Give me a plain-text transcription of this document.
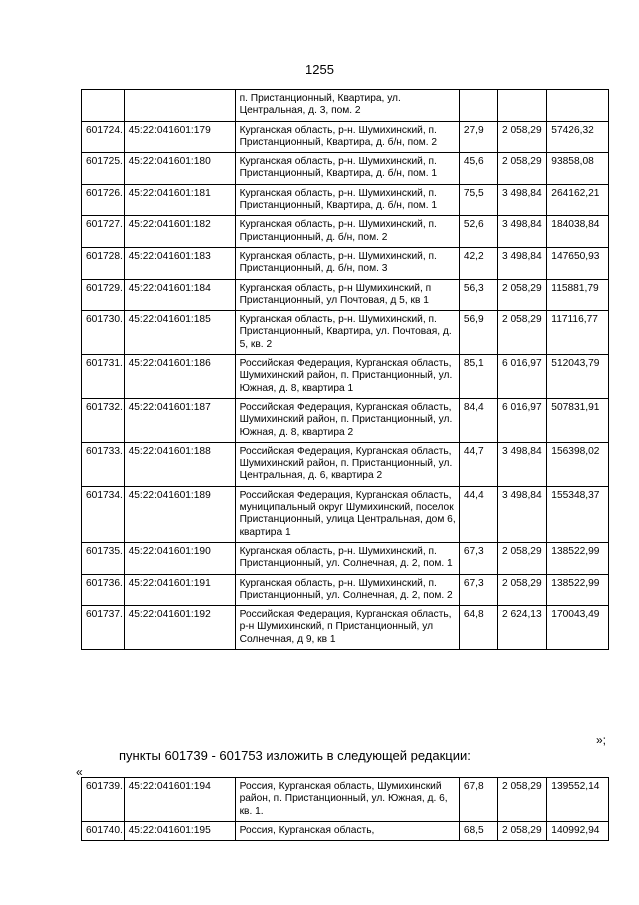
1255
		п. Пристанционный, Квартира, ул. Центральная, д. 3, пом. 2			
601724.	45:22:041601:179	Курганская область, р-н. Шумихинский, п. Пристанционный, Квартира, д. б/н, пом. 2	27,9	2 058,29	57426,32
601725.	45:22:041601:180	Курганская область, р-н. Шумихинский, п. Пристанционный, Квартира, д. б/н, пом. 1	45,6	2 058,29	93858,08
601726.	45:22:041601:181	Курганская область, р-н. Шумихинский, п. Пристанционный, Квартира, д. б/н, пом. 1	75,5	3 498,84	264162,21
601727.	45:22:041601:182	Курганская область, р-н. Шумихинский, п. Пристанционный, д. б/н, пом. 2	52,6	3 498,84	184038,84
601728.	45:22:041601:183	Курганская область, р-н. Шумихинский, п. Пристанционный, д. б/н, пом. 3	42,2	3 498,84	147650,93
601729.	45:22:041601:184	Курганская область, р-н Шумихинский, п Пристанционный, ул Почтовая, д 5, кв 1	56,3	2 058,29	115881,79
601730.	45:22:041601:185	Курганская область, р-н. Шумихинский, п. Пристанционный, Квартира, ул. Почтовая, д. 5, кв. 2	56,9	2 058,29	117116,77
601731.	45:22:041601:186	Российская Федерация, Курганская область, Шумихинский район, п. Пристанционный, ул. Южная, д. 8, квартира 1	85,1	6 016,97	512043,79
601732.	45:22:041601:187	Российская Федерация, Курганская область, Шумихинский район, п. Пристанционный, ул. Южная, д. 8, квартира 2	84,4	6 016,97	507831,91
601733.	45:22:041601:188	Российская Федерация, Курганская область, Шумихинский район, п. Пристанционный, ул. Центральная, д. 6, квартира 2	44,7	3 498,84	156398,02
601734.	45:22:041601:189	Российская Федерация, Курганская область, муниципальный округ Шумихинский, поселок Пристанционный, улица Центральная, дом 6, квартира 1	44,4	3 498,84	155348,37
601735.	45:22:041601:190	Курганская область, р-н. Шумихинский, п. Пристанционный, ул. Солнечная, д. 2, пом. 1	67,3	2 058,29	138522,99
601736.	45:22:041601:191	Курганская область, р-н. Шумихинский, п. Пристанционный, ул. Солнечная, д. 2, пом. 2	67,3	2 058,29	138522,99
601737.	45:22:041601:192	Российская Федерация, Курганская область, р-н Шумихинский, п Пристанционный, ул Солнечная, д 9, кв 1	64,8	2 624,13	170043,49
»;
пункты 601739 - 601753 изложить в следующей редакции:
«
601739.	45:22:041601:194	Россия, Курганская область, Шумихинский район, п. Пристанционный, ул. Южная, д. 6, кв. 1.	67,8	2 058,29	139552,14
601740.	45:22:041601:195	Россия, Курганская область,	68,5	2 058,29	140992,94
